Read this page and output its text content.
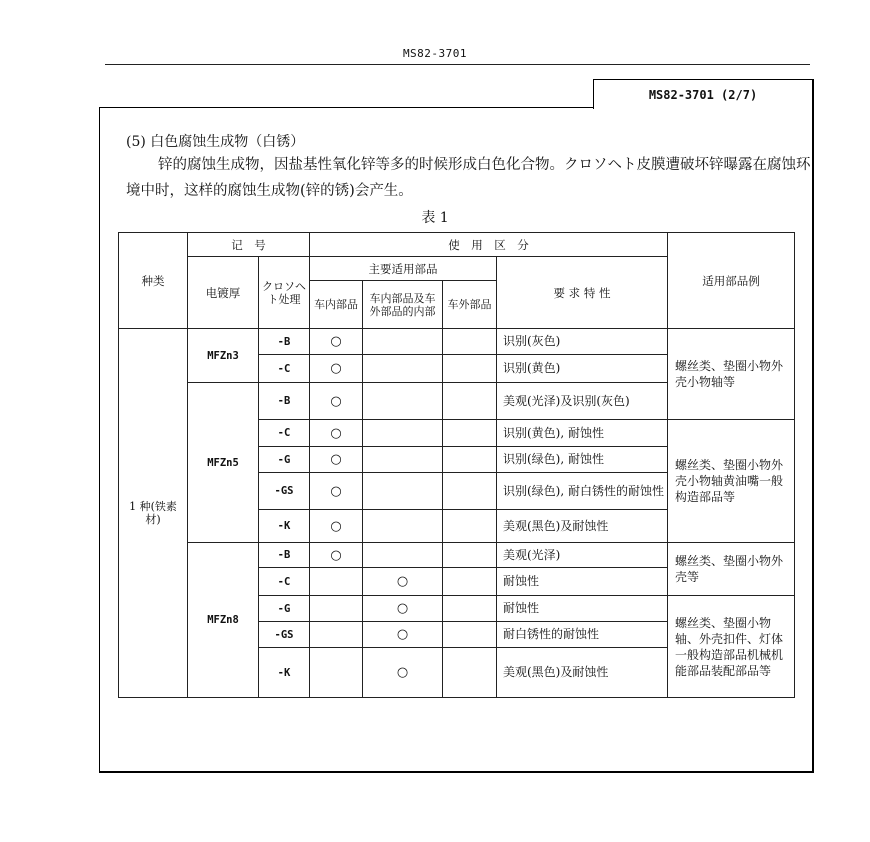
MS82-3701
MS82-3701 (2/7)
(5) 白色腐蚀生成物（白锈）
锌的腐蚀生成物，因盐基性氧化锌等多的时候形成白色化合物。クロソヘト皮膜遭破坏锌曝露在腐蚀环境中时，这样的腐蚀生成物(锌的锈)会产生。
表 1
种类	记　号		使　用　区　分				适用部品例
	电镀厚	クロソヘト处理	主要适用部品			要 求 特 性	
			车内部品	车内部品及车外部品的内部	车外部品		
1 种(铁素材)	MFZn3	-B	○			识别(灰色)	螺丝类、垫圈小物外壳小物轴等
		-C	○			识别(黄色)	
	MFZn5	-B	○			美观(光泽)及识别(灰色)	
		-C	○			识别(黄色), 耐蚀性	螺丝类、垫圈小物外壳小物轴黄油嘴一般构造部品等
		-G	○			识别(绿色), 耐蚀性	
		-GS	○			识别(绿色), 耐白锈性的耐蚀性	
		-K	○			美观(黑色)及耐蚀性	
	MFZn8	-B	○			美观(光泽)	螺丝类、垫圈小物外壳等
		-C		○		耐蚀性	
		-G		○		耐蚀性	螺丝类、垫圈小物轴、外壳扣件、灯体一般构造部品机械机能部品装配部品等
		-GS		○		耐白锈性的耐蚀性	
		-K		○		美观(黑色)及耐蚀性	
